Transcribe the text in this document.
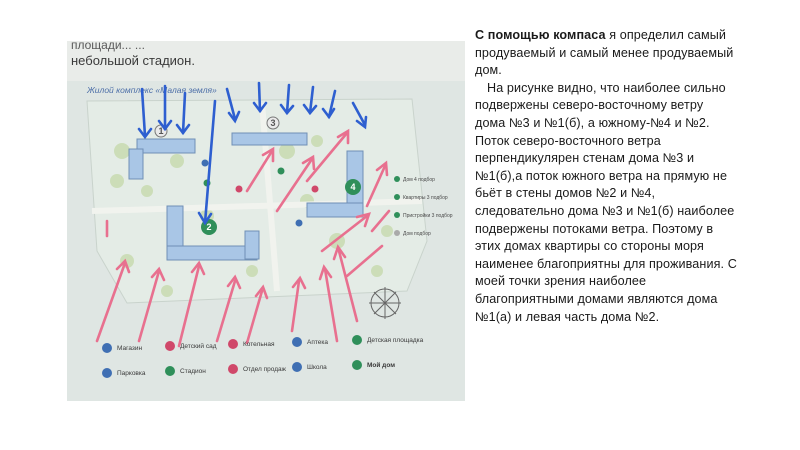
площади... ...
небольшой стадион.
Жилой комплекс «Малая земля»
1
2
3
4
Дом 4 подбор
Квартиры 3 подбор
Пристройки 3 подбор
Дом подбор
Магазин	Детский сад	Котельная	Аптека	Детская площадка
Парковка	Стадион	Отдел продаж	Школа	Мой дом

С помощью компаса я определил самый продуваемый и самый менее продуваемый дом.

На рисунке видно, что наиболее сильно подвержены северо-восточному ветру дома №3 и №1(б), а южному-№4 и №2. Поток северо-восточного ветра перпендикулярен стенам дома №3 и №1(б),а поток южного ветра на прямую не бьёт в стены домов №2 и №4, следовательно дома №3 и №1(б) наиболее подвержены потоками ветра. Поэтому в этих домах квартиры со стороны моря наименее благоприятны для проживания. С моей точки зрения наиболее благоприятными домами являются дома №1(а) и левая часть дома №2.
